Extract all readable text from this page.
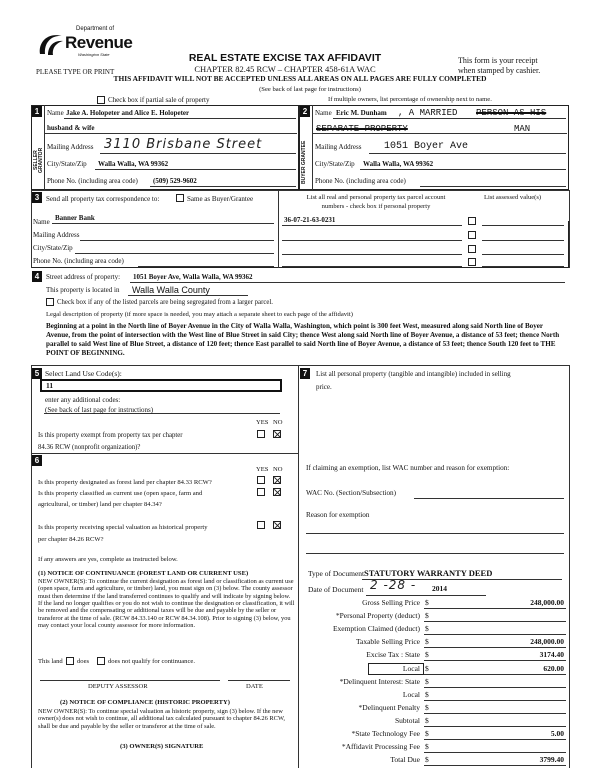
Department of
Revenue
Washington State
PLEASE TYPE OR PRINT
REAL ESTATE EXCISE TAX AFFIDAVIT
CHAPTER 82.45 RCW – CHAPTER 458-61A WAC
THIS AFFIDAVIT WILL NOT BE ACCEPTED UNLESS ALL AREAS ON ALL PAGES ARE FULLY COMPLETED
(See back of last page for instructions)
This form is your receipt
when stamped by cashier.
Check box if partial sale of property	If multiple owners, list percentage of ownership next to name.
1
SELLER GRANTOR
Name Jake A. Holopeter and Alice E. Holopeter
husband & wife
Mailing Address 3110 Brisbane Street
City/State/Zip Walla Walla, WA 99362
Phone No. (including area code) (509) 529-9602
2
BUYER GRANTEE
Name Eric M. Dunham , A MARRIED PERSON AS HIS
SEPARATE PROPERTY	MAN
Mailing Address 1051 Boyer Ave
City/State/Zip Walla Walla, WA 99362
Phone No. (including area code)
3 Send all property tax correspondence to:	Same as Buyer/Grantee
Name Banner Bank
Mailing Address
City/State/Zip
Phone No. (including area code)
List all real and personal property tax parcel account
numbers - check box if personal property
List assessed value(s)
36-07-21-63-0231
4 Street address of property: 1051 Boyer Ave, Walla Walla, WA 99362
This property is located in Walla Walla County
Check box if any of the listed parcels are being segregated from a larger parcel.
Legal description of property (if more space is needed, you may attach a separate sheet to each page of the affidavit)
Beginning at a point in the North line of Boyer Avenue in the City of Walla Walla, Washington, which point is 300 feet West, measured along said North line of Boyer Avenue, from the point of intersection with the West line of Blue Street in said City; thence West along said North line of Boyer Avenue, a distance of 53 feet; thence North parallel to said West line of Blue Street, a distance of 120 feet; thence East parallel to said North line of Boyer Avenue, a distance of 53 feet; thence South 120 feet to THE POINT OF BEGINNING.
5 Select Land Use Code(s):
11
enter any additional codes:
(See back of last page for instructions)
YES NO
Is this property exempt from property tax per chapter
84.36 RCW (nonprofit organization)?
7	List all personal property (tangible and intangible) included in selling
price.
6
YES NO
Is this property designated as forest land per chapter 84.33 RCW?
Is this property classified as current use (open space, farm and
agricultural, or timber) land per chapter 84.34?
Is this property receiving special valuation as historical property
per chapter 84.26 RCW?
If any answers are yes, complete as instructed below.
(1) NOTICE OF CONTINUANCE (FOREST LAND OR CURRENT USE)
NEW OWNER(S): To continue the current designation as forest land or classification as current use (open space, farm and agriculture, or timber) land, you must sign on (3) below. The county assessor must then determine if the land transferred continues to qualify and will indicate by signing below. If the land no longer qualifies or you do not wish to continue the designation or classification, it will be removed and the compensating or additional taxes will be due and payable by the seller or transferor at the time of sale. (RCW 84.33.140 or RCW 84.34.108). Prior to signing (3) below, you may contact your local county assessor for more information.
This land does	does not qualify for continuance.
DEPUTY ASSESSOR	DATE
(2) NOTICE OF COMPLIANCE (HISTORIC PROPERTY)
NEW OWNER(S): To continue special valuation as historic property, sign (3) below. If the new owner(s) does not wish to continue, all additional tax calculated pursuant to chapter 84.26 RCW, shall be due and payable by the seller or transferor at the time of sale.
(3) OWNER(S) SIGNATURE
If claiming an exemption, list WAC number and reason for exemption:
WAC No. (Section/Subsection)
Reason for exemption
Type of Document STATUTORY WARRANTY DEED
Date of Document 2 -28 - 2014
Gross Selling Price $	248,000.00
*Personal Property (deduct) $
Exemption Claimed (deduct) $
Taxable Selling Price $	248,000.00
Excise Tax : State $	3174.40
Local $	620.00
*Delinquent Interest: State $
Local $
*Delinquent Penalty $
Subtotal $
*State Technology Fee $	5.00
*Affidavit Processing Fee $
Total Due $	3799.40
